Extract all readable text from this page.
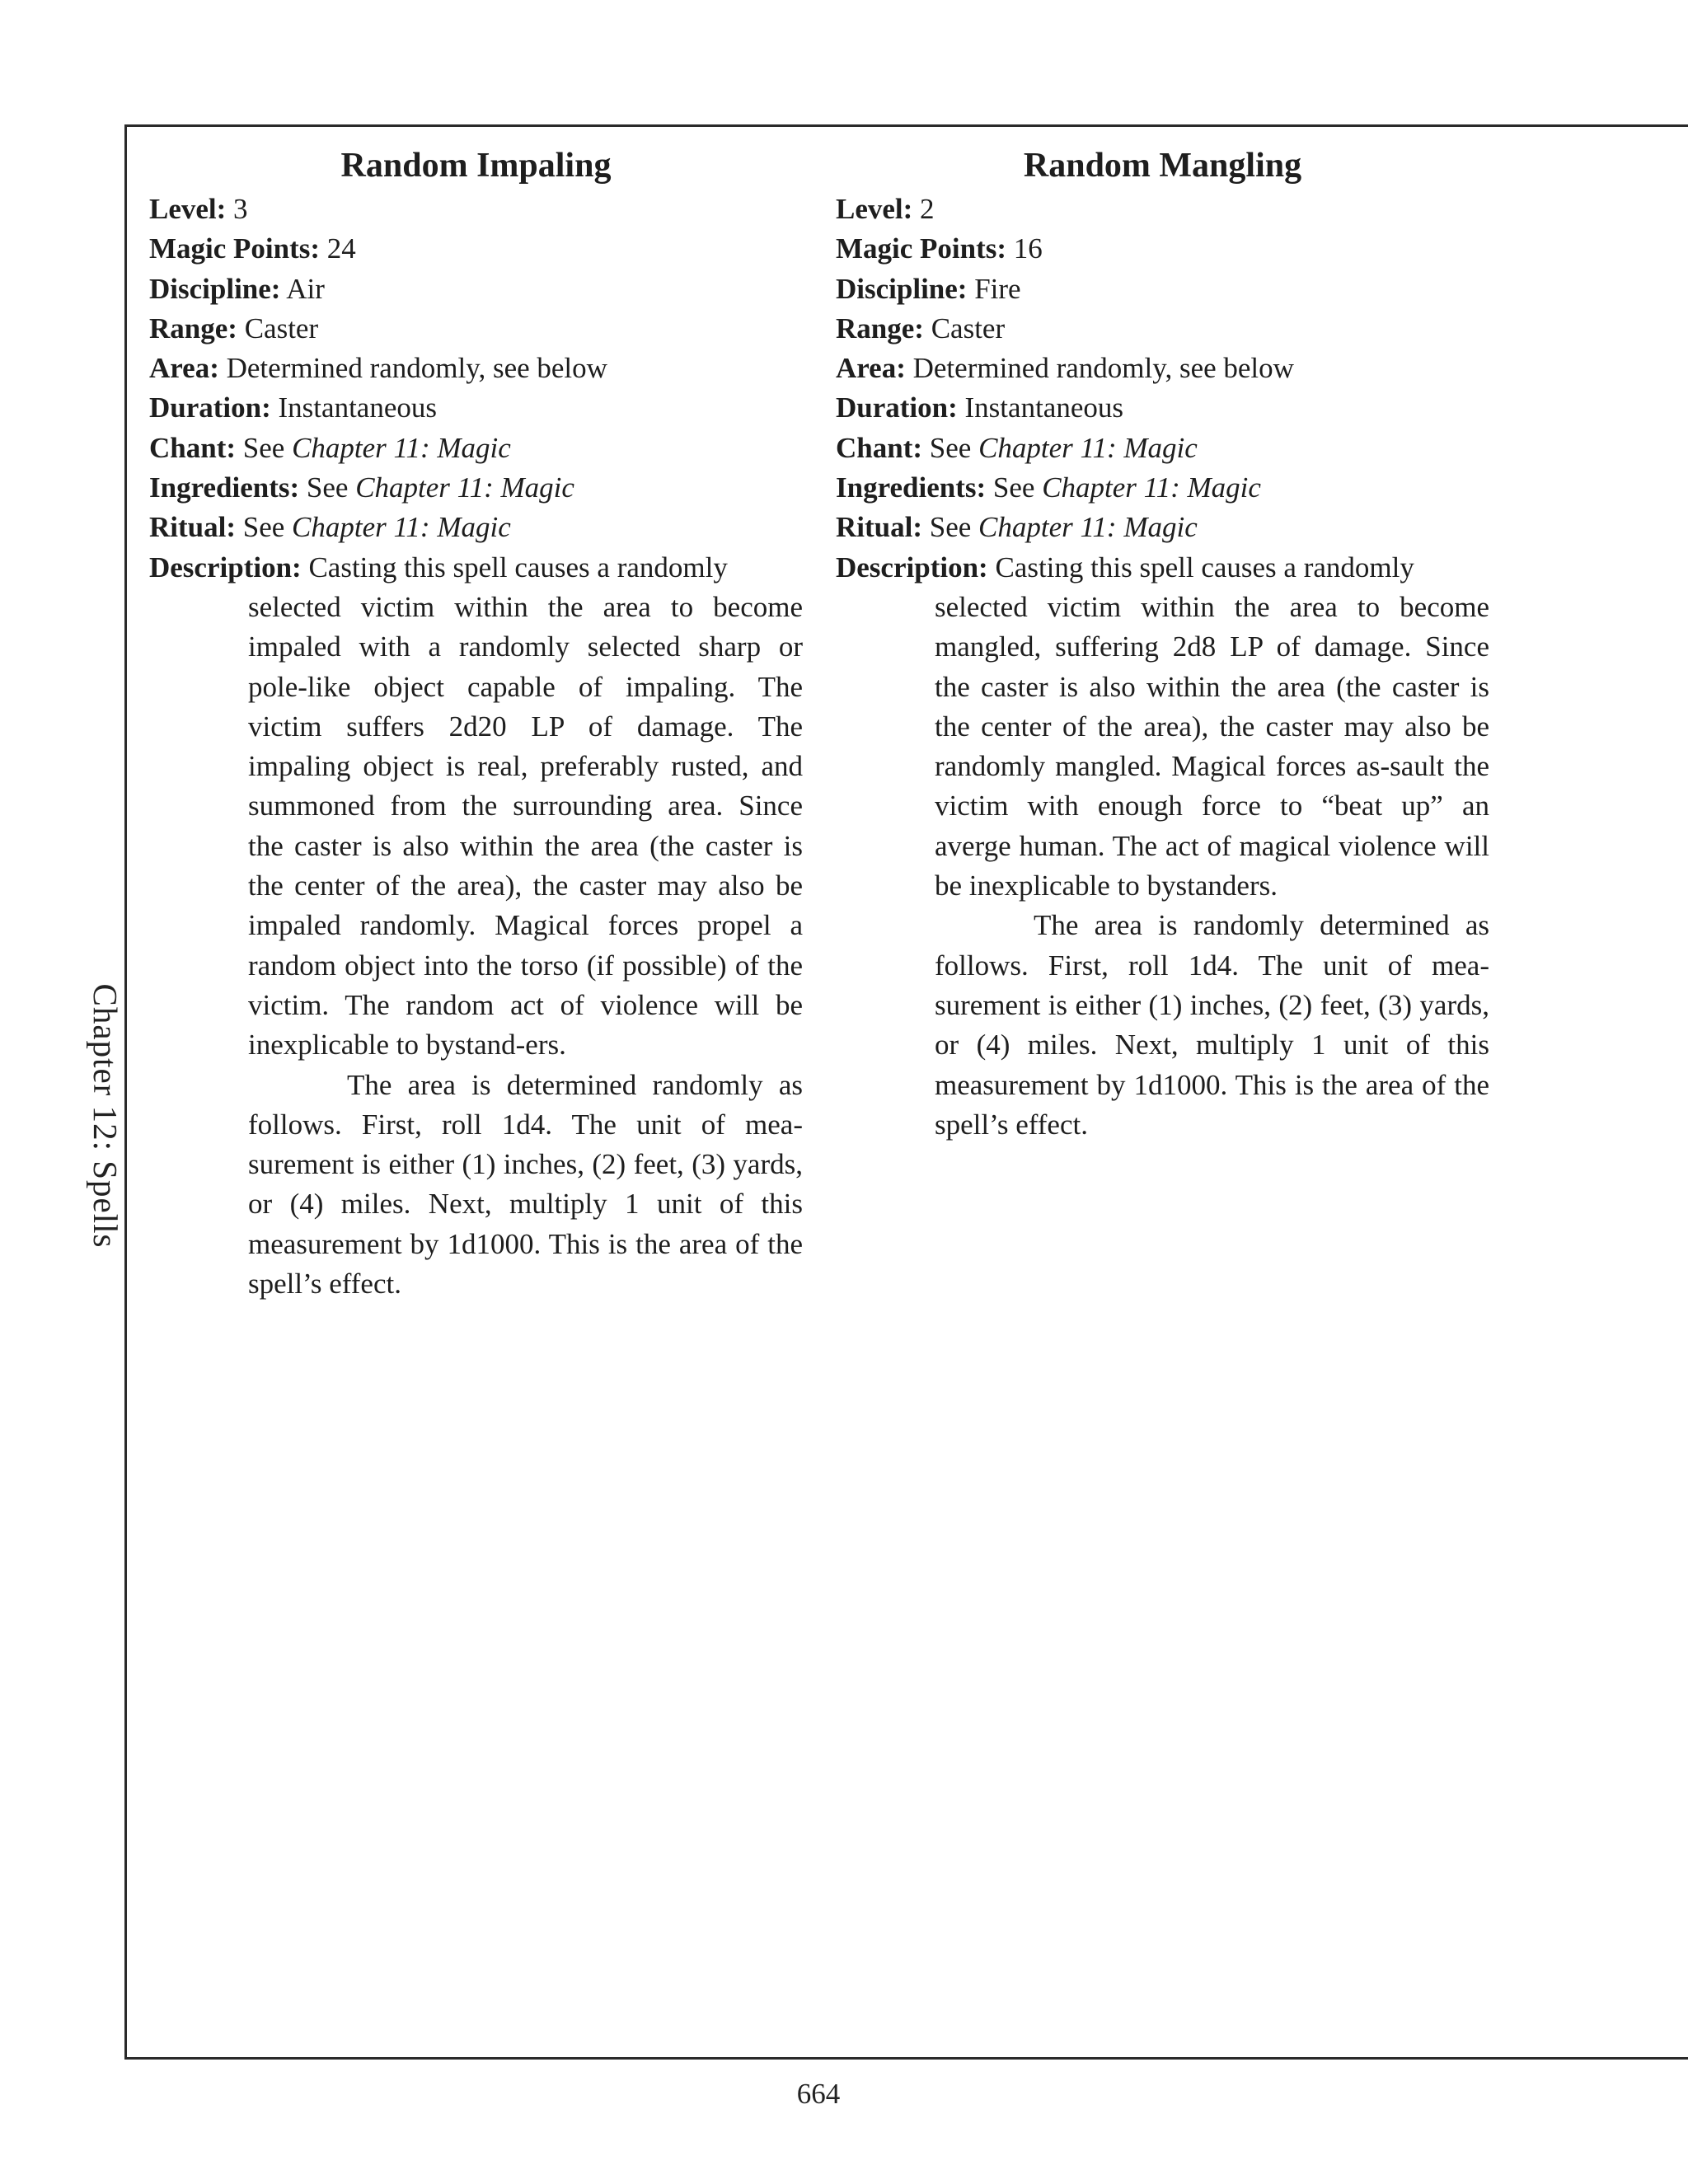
Chapter 12: Spells
Random Impaling
Level: 3
Magic Points: 24
Discipline: Air
Range: Caster
Area: Determined randomly, see below
Duration: Instantaneous
Chant: See Chapter 11: Magic
Ingredients: See Chapter 11: Magic
Ritual: See Chapter 11: Magic
Description: Casting this spell causes a randomly

selected victim within the area to become impaled with a randomly selected sharp or pole-like object capable of impaling. The victim suffers 2d20 LP of damage. The impaling object is real, preferably rusted, and summoned from the surrounding area. Since the caster is also within the area (the caster is the center of the area), the caster may also be impaled randomly. Magical forces propel a random object into the torso (if possible) of the victim. The random act of violence will be inexplicable to bystand-ers.

The area is determined randomly as follows. First, roll 1d4. The unit of mea-surement is either (1) inches, (2) feet, (3) yards, or (4) miles. Next, multiply 1 unit of this measurement by 1d1000. This is the area of the spell’s effect.

Random Mangling
Level: 2
Magic Points: 16
Discipline: Fire
Range: Caster
Area: Determined randomly, see below
Duration: Instantaneous
Chant: See Chapter 11: Magic
Ingredients: See Chapter 11: Magic
Ritual: See Chapter 11: Magic
Description: Casting this spell causes a randomly

selected victim within the area to become mangled, suffering 2d8 LP of damage. Since the caster is also within the area (the caster is the center of the area), the caster may also be randomly mangled. Magical forces as-sault the victim with enough force to “beat up” an averge human. The act of magical violence will be inexplicable to bystanders.

The area is randomly determined as follows. First, roll 1d4. The unit of mea-surement is either (1) inches, (2) feet, (3) yards, or (4) miles. Next, multiply 1 unit of this measurement by 1d1000. This is the area of the spell’s effect.

664
